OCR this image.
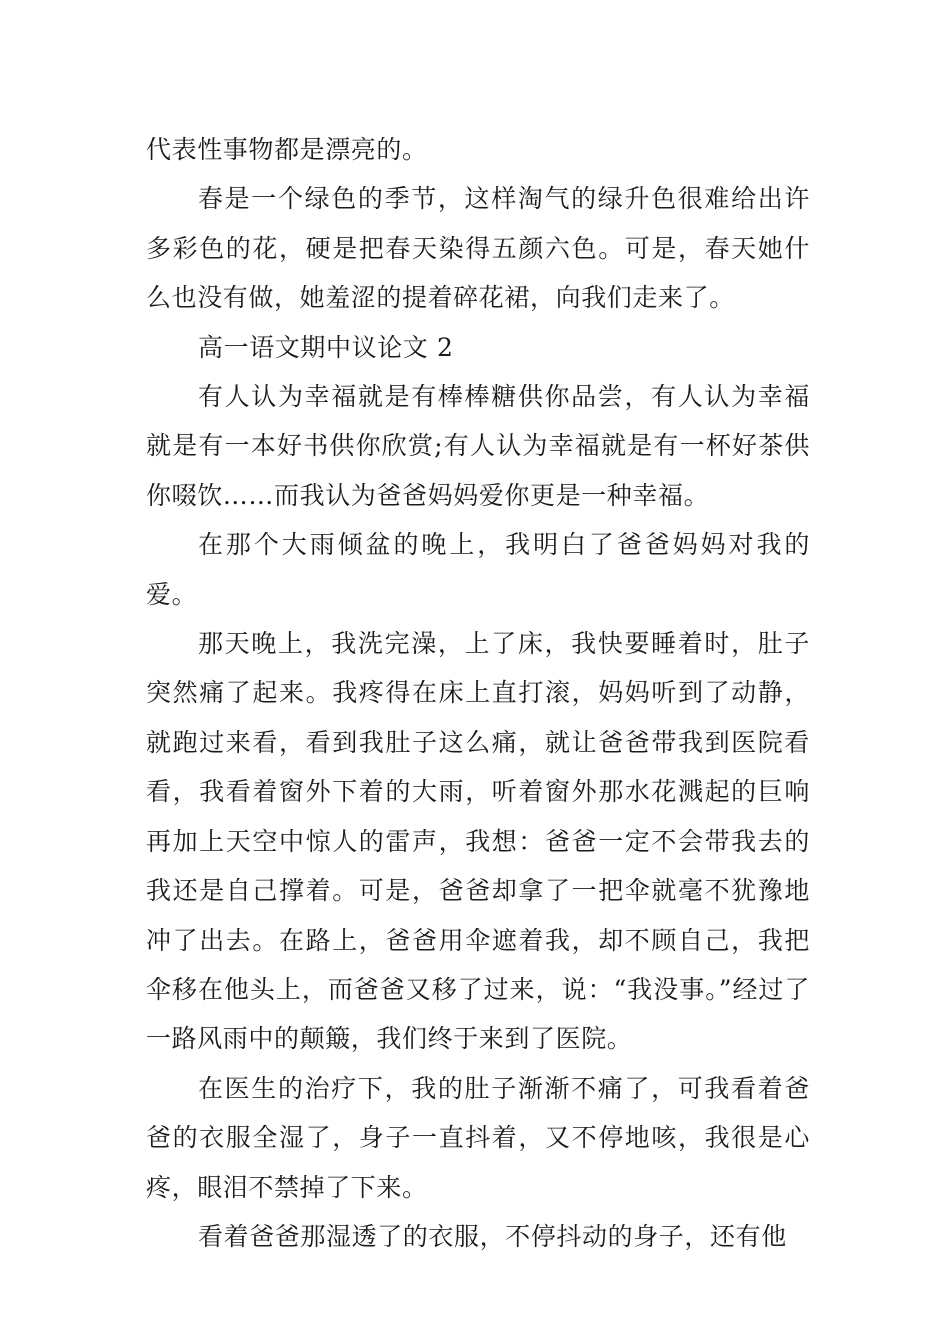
代表性事物都是漂亮的。

春是一个绿色的季节，这样淘气的绿升色很难给出许多彩色的花，硬是把春天染得五颜六色。可是，春天她什么也没有做，她羞涩的提着碎花裙，向我们走来了。

高一语文期中议论文 2

有人认为幸福就是有棒棒糖供你品尝，有人认为幸福就是有一本好书供你欣赏;有人认为幸福就是有一杯好茶供你啜饮……而我认为爸爸妈妈爱你更是一种幸福。

在那个大雨倾盆的晚上，我明白了爸爸妈妈对我的爱。

那天晚上，我洗完澡，上了床，我快要睡着时，肚子突然痛了起来。我疼得在床上直打滚，妈妈听到了动静，就跑过来看，看到我肚子这么痛，就让爸爸带我到医院看看，我看着窗外下着的大雨，听着窗外那水花溅起的巨响再加上天空中惊人的雷声，我想：爸爸一定不会带我去的我还是自己撑着。可是，爸爸却拿了一把伞就毫不犹豫地冲了出去。在路上，爸爸用伞遮着我，却不顾自己，我把伞移在他头上，而爸爸又移了过来，说：“我没事。”经过了一路风雨中的颠簸，我们终于来到了医院。

在医生的治疗下，我的肚子渐渐不痛了，可我看着爸爸的衣服全湿了，身子一直抖着，又不停地咳，我很是心疼，眼泪不禁掉了下来。

看着爸爸那湿透了的衣服，不停抖动的身子，还有他
